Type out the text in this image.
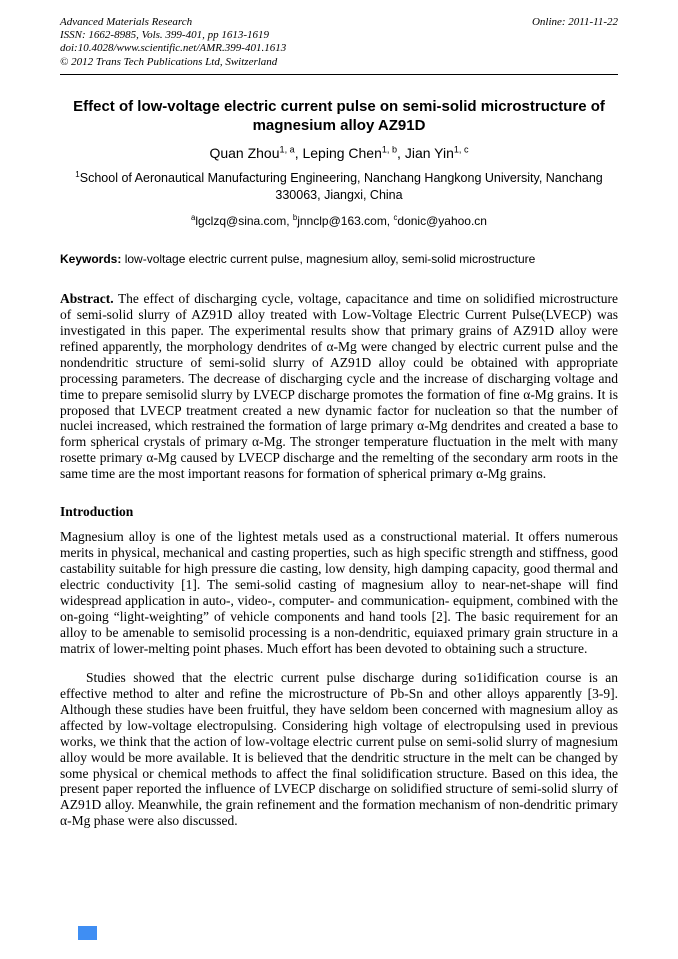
Advanced Materials Research
ISSN: 1662-8985, Vols. 399-401, pp 1613-1619
doi:10.4028/www.scientific.net/AMR.399-401.1613
© 2012 Trans Tech Publications Ltd, Switzerland
Online: 2011-11-22
Effect of low-voltage electric current pulse on semi-solid microstructure of magnesium alloy AZ91D
Quan Zhou$^{1, a}$, Leping Chen$^{1, b}$, Jian Yin$^{1, c}$
$^1$School of Aeronautical Manufacturing Engineering, Nanchang Hangkong University, Nanchang 330063, Jiangxi, China
$^a$lgclzq@sina.com, $^b$jnnclp@163.com, $^c$donic@yahoo.cn
Keywords: low-voltage electric current pulse, magnesium alloy, semi-solid microstructure

Abstract. The effect of discharging cycle, voltage, capacitance and time on solidified microstructure of semi-solid slurry of AZ91D alloy treated with Low-Voltage Electric Current Pulse(LVECP) was investigated in this paper. The experimental results show that primary grains of AZ91D alloy were refined apparently, the morphology dendrites of α-Mg were changed by electric current pulse and the nondendritic structure of semi-solid slurry of AZ91D alloy could be obtained with appropriate processing parameters. The decrease of discharging cycle and the increase of discharging voltage and time to prepare semisolid slurry by LVECP discharge promotes the formation of fine α-Mg grains. It is proposed that LVECP treatment created a new dynamic factor for nucleation so that the number of nuclei increased, which restrained the formation of large primary α-Mg dendrites and created a base to form spherical crystals of primary α-Mg. The stronger temperature fluctuation in the melt with many rosette primary α-Mg caused by LVECP discharge and the remelting of the secondary arm roots in the same time are the most important reasons for formation of spherical primary α-Mg grains.

Introduction

Magnesium alloy is one of the lightest metals used as a constructional material. It offers numerous merits in physical, mechanical and casting properties, such as high specific strength and stiffness, good castability suitable for high pressure die casting, low density, high damping capacity, good thermal and electric conductivity [1]. The semi-solid casting of magnesium alloy to near-net-shape will find widespread application in auto-, video-, computer- and communication- equipment, combined with the on-going “light-weighting” of vehicle components and hand tools [2]. The basic requirement for an alloy to be amenable to semisolid processing is a non-dendritic, equiaxed primary grain structure in a matrix of lower-melting point phases. Much effort has been devoted to obtaining such a structure.

Studies showed that the electric current pulse discharge during so1idification course is an effective method to alter and refine the microstructure of Pb-Sn and other alloys apparently [3-9]. Although these studies have been fruitful, they have seldom been concerned with magnesium alloy as affected by low-voltage electropulsing. Considering high voltage of electropulsing used in previous works, we think that the action of low-voltage electric current pulse on semi-solid slurry of magnesium alloy would be more available. It is believed that the dendritic structure in the melt can be changed by some physical or chemical methods to affect the final solidification structure. Based on this idea, the present paper reported the influence of LVECP discharge on solidified structure of semi-solid slurry of AZ91D alloy. Meanwhile, the grain refinement and the formation mechanism of non-dendritic primary α-Mg phase were also discussed.
